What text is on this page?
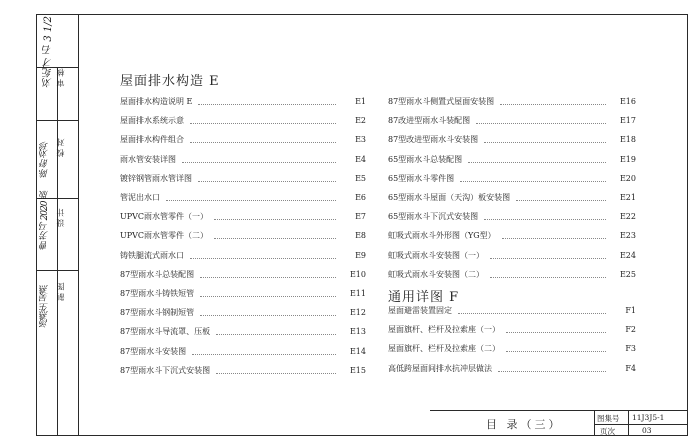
刘纪才 石 3 1/2 审 核
校 对
陈 舒 刘珍
设 计
曹 芳 马 2020 版
制 图
汤燕生 吴燕
屋面排水构造 E
屋面排水构造说明 E	E1
屋面排水系统示意	E2
屋面排水构件组合	E3
雨水管安装详图	E4
镀锌钢管雨水管详图	E5
管泥出水口	E6
UPVC雨水管零件（一）	E7
UPVC雨水管零件（二）	E8
铸铁腿流式雨水口	E9
87型雨水斗总装配图	E10
87型雨水斗铸铁短管	E11
87型雨水斗钢制短管	E12
87型雨水斗导流罩、压板	E13
87型雨水斗安装图	E14
87型雨水斗下沉式安装图	E15
87型雨水斗侧置式屋面安装图	E16
87改进型雨水斗装配图	E17
87型改进型雨水斗安装图	E18
65型雨水斗总装配图	E19
65型雨水斗零件图	E20
65型雨水斗屋面（天沟）板安装图	E21
65型雨水斗下沉式安装图	E22
虹吸式雨水斗外形图（YG型）	E23
虹吸式雨水斗安装图（一）	E24
虹吸式雨水斗安装图（二）	E25
屋面避雷装置固定	F1
屋面旗杆、栏杆及拉索座（一）	F2
屋面旗杆、栏杆及拉索座（二）	F3
高低跨屋面间排水抗冲层做法	F4
通用详图 F
目 录（三）	图集号 11J3J5-1
页次	03
